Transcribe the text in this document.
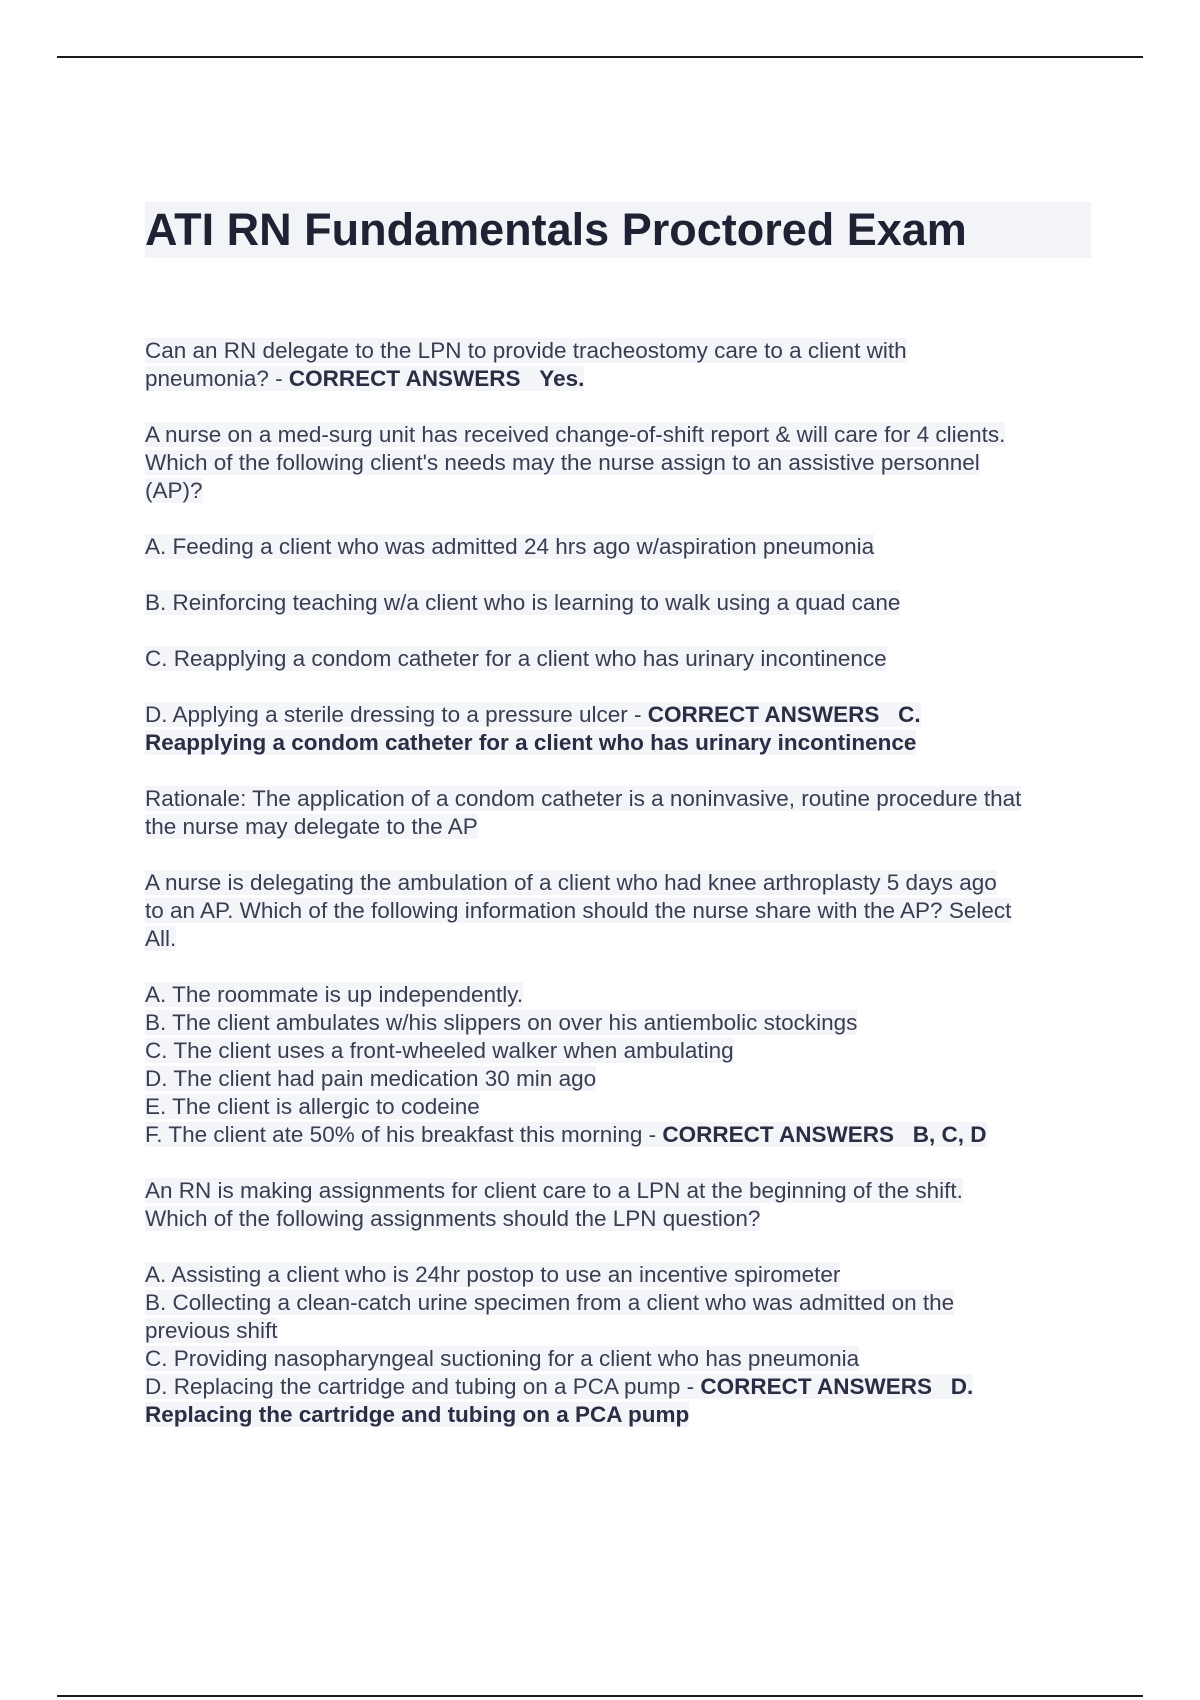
ATI RN Fundamentals Proctored Exam
Can an RN delegate to the LPN to provide tracheostomy care to a client with
pneumonia? - CORRECT ANSWERS Yes.
A nurse on a med-surg unit has received change-of-shift report & will care for 4 clients.
Which of the following client's needs may the nurse assign to an assistive personnel
(AP)?
A. Feeding a client who was admitted 24 hrs ago w/aspiration pneumonia
B. Reinforcing teaching w/a client who is learning to walk using a quad cane
C. Reapplying a condom catheter for a client who has urinary incontinence
D. Applying a sterile dressing to a pressure ulcer - CORRECT ANSWERS C.
Reapplying a condom catheter for a client who has urinary incontinence
Rationale: The application of a condom catheter is a noninvasive, routine procedure that
the nurse may delegate to the AP
A nurse is delegating the ambulation of a client who had knee arthroplasty 5 days ago
to an AP. Which of the following information should the nurse share with the AP? Select
All.
A. The roommate is up independently.
B. The client ambulates w/his slippers on over his antiembolic stockings
C. The client uses a front-wheeled walker when ambulating
D. The client had pain medication 30 min ago
E. The client is allergic to codeine
F. The client ate 50% of his breakfast this morning - CORRECT ANSWERS B, C, D
An RN is making assignments for client care to a LPN at the beginning of the shift.
Which of the following assignments should the LPN question?
A. Assisting a client who is 24hr postop to use an incentive spirometer
B. Collecting a clean-catch urine specimen from a client who was admitted on the
previous shift
C. Providing nasopharyngeal suctioning for a client who has pneumonia
D. Replacing the cartridge and tubing on a PCA pump - CORRECT ANSWERS D.
Replacing the cartridge and tubing on a PCA pump
